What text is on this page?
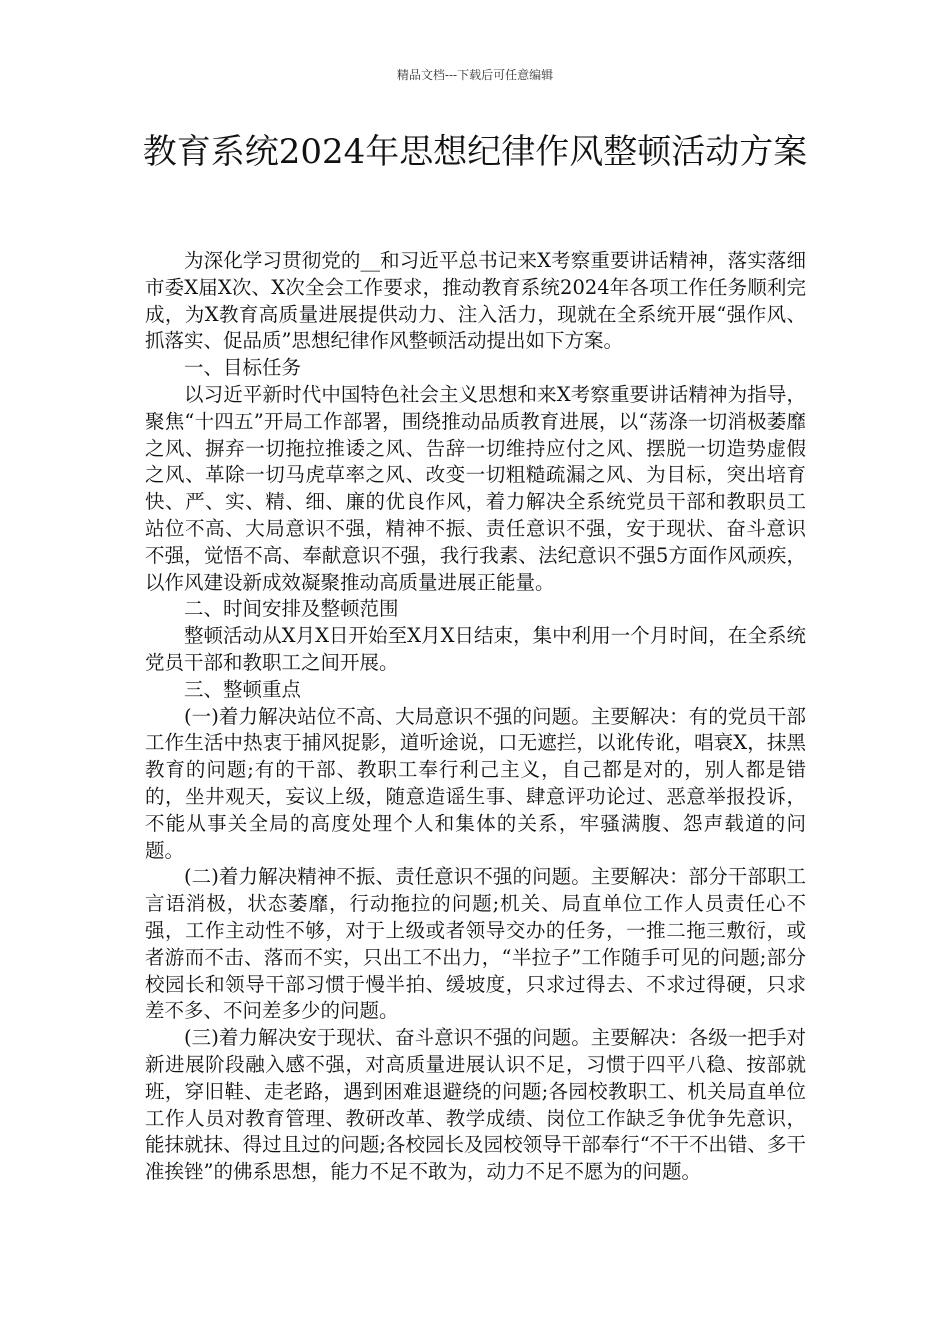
精品文档---下载后可任意编辑
教育系统2024年思想纪律作风整顿活动方案

为深化学习贯彻党的__和习近平总书记来X考察重要讲话精神，落实落细市委X届X次、X次全会工作要求，推动教育系统2024年各项工作任务顺利完成，为X教育高质量进展提供动力、注入活力，现就在全系统开展“强作风、抓落实、促品质”思想纪律作风整顿活动提出如下方案。

一、目标任务

以习近平新时代中国特色社会主义思想和来X考察重要讲话精神为指导，聚焦“十四五”开局工作部署，围绕推动品质教育进展，以“荡涤一切消极萎靡之风、摒弃一切拖拉推诿之风、告辞一切维持应付之风、摆脱一切造势虚假之风、革除一切马虎草率之风、改变一切粗糙疏漏之风、为目标，突出培育快、严、实、精、细、廉的优良作风，着力解决全系统党员干部和教职员工站位不高、大局意识不强，精神不振、责任意识不强，安于现状、奋斗意识不强，觉悟不高、奉献意识不强，我行我素、法纪意识不强5方面作风顽疾，以作风建设新成效凝聚推动高质量进展正能量。

二、时间安排及整顿范围

整顿活动从X月X日开始至X月X日结束，集中利用一个月时间，在全系统党员干部和教职工之间开展。

三、整顿重点

(一)着力解决站位不高、大局意识不强的问题。主要解决：有的党员干部工作生活中热衷于捕风捉影，道听途说，口无遮拦，以讹传讹，唱衰X，抹黑教育的问题;有的干部、教职工奉行利己主义，自己都是对的，别人都是错的，坐井观天，妄议上级，随意造谣生事、肆意评功论过、恶意举报投诉，不能从事关全局的高度处理个人和集体的关系，牢骚满腹、怨声载道的问题。

(二)着力解决精神不振、责任意识不强的问题。主要解决：部分干部职工言语消极，状态萎靡，行动拖拉的问题;机关、局直单位工作人员责任心不强，工作主动性不够，对于上级或者领导交办的任务，一推二拖三敷衍，或者游而不击、落而不实，只出工不出力，“半拉子”工作随手可见的问题;部分校园长和领导干部习惯于慢半拍、缓坡度，只求过得去、不求过得硬，只求差不多、不问差多少的问题。

(三)着力解决安于现状、奋斗意识不强的问题。主要解决：各级一把手对新进展阶段融入感不强，对高质量进展认识不足，习惯于四平八稳、按部就班，穿旧鞋、走老路，遇到困难退避绕的问题;各园校教职工、机关局直单位工作人员对教育管理、教研改革、教学成绩、岗位工作缺乏争优争先意识，能抹就抹、得过且过的问题;各校园长及园校领导干部奉行“不干不出错、多干准挨锉”的佛系思想，能力不足不敢为，动力不足不愿为的问题。
